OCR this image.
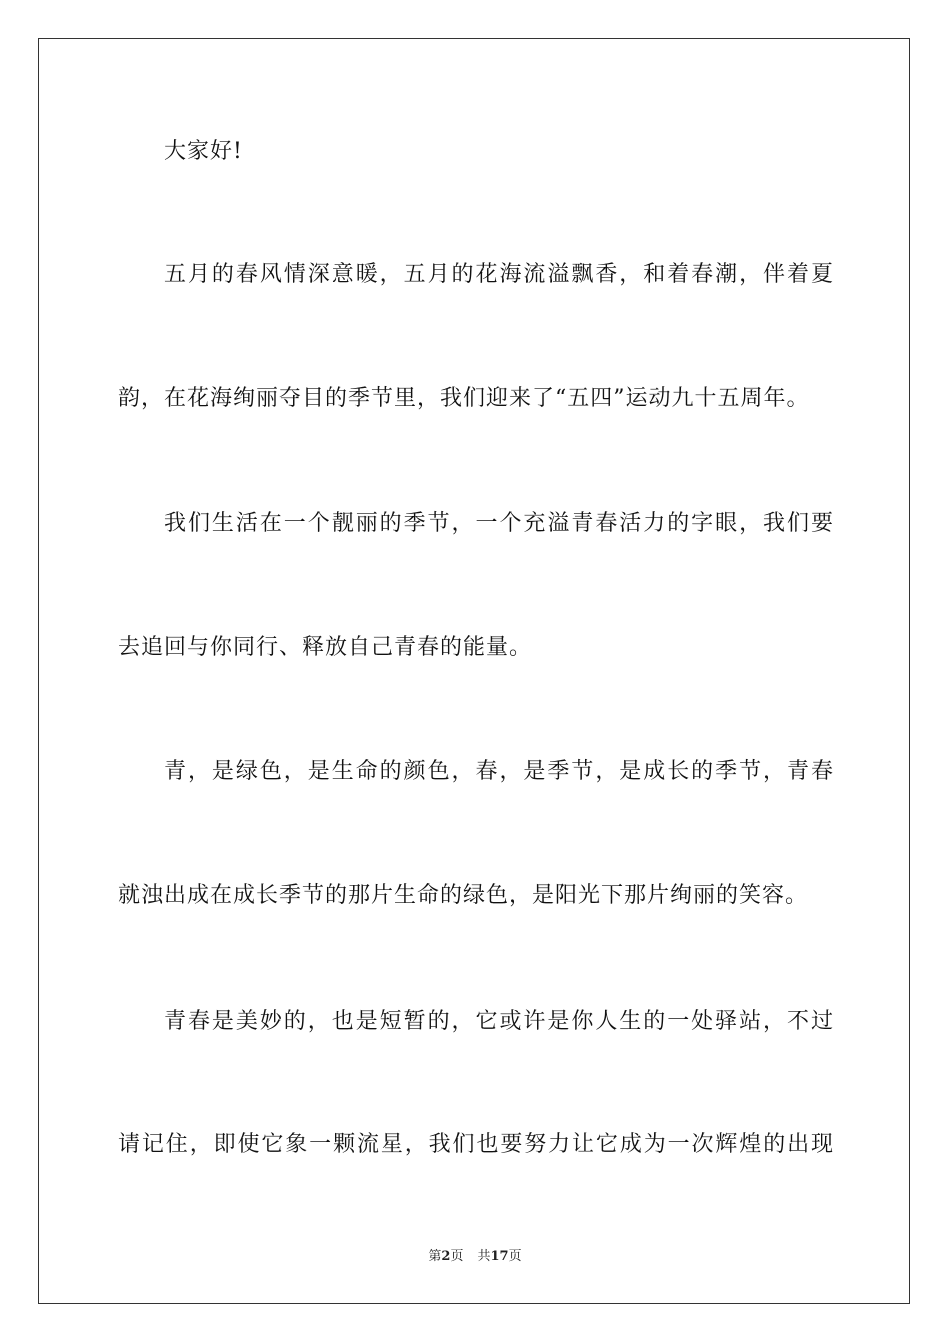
大家好!
五月的春风情深意暖，五月的花海流溢飘香，和着春潮，伴着夏
韵，在花海绚丽夺目的季节里，我们迎来了“五四”运动九十五周年。
我们生活在一个靓丽的季节，一个充溢青春活力的字眼，我们要
去追回与你同行、释放自己青春的能量。
青，是绿色，是生命的颜色，春，是季节，是成长的季节，青春
就浊出成在成长季节的那片生命的绿色，是阳光下那片绚丽的笑容。
青春是美妙的，也是短暂的，它或许是你人生的一处驿站，不过
请记住，即使它象一颗流星，我们也要努力让它成为一次辉煌的出现
第2页 共17页
